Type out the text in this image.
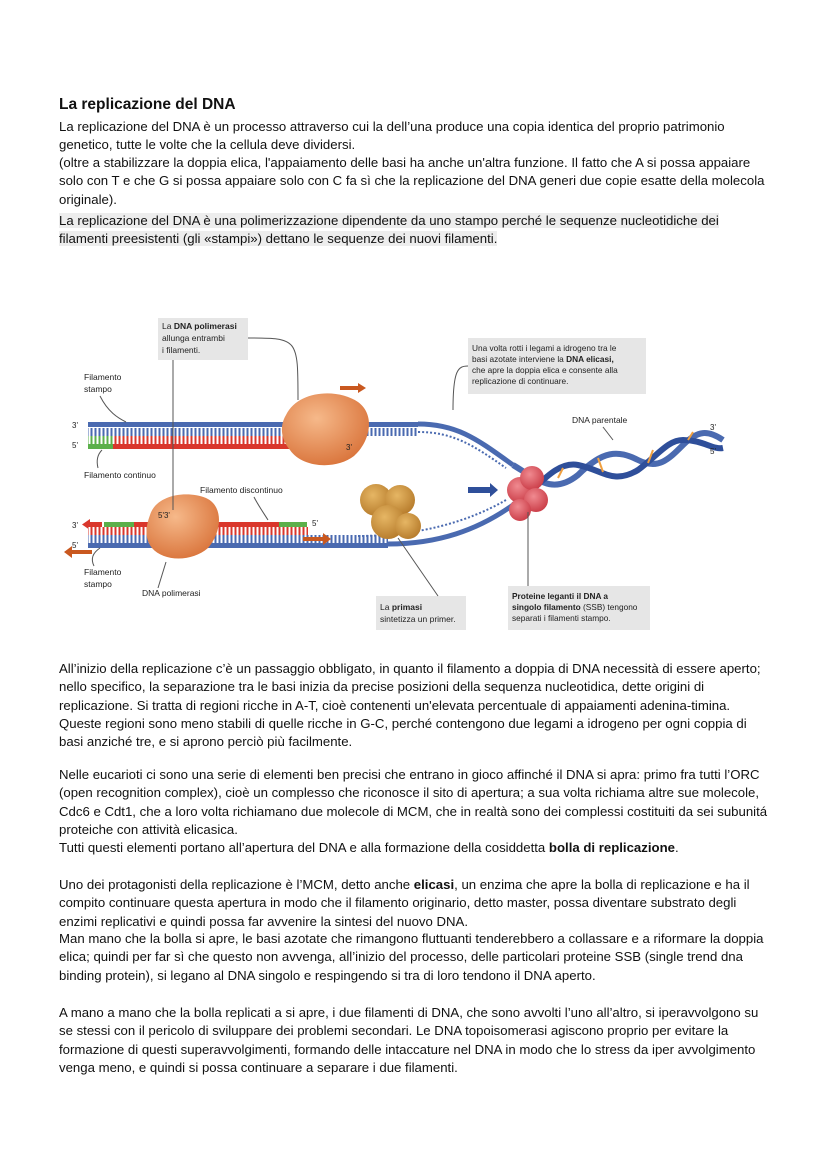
La replicazione del DNA

La replicazione del DNA è un processo attraverso cui la dell’una produce una copia identica del proprio patrimonio genetico, tutte le volte che la cellula deve dividersi.

(oltre a stabilizzare la doppia elica, l'appaiamento delle basi ha anche un'altra funzione. Il fatto che A si possa appaiare solo con T e che G si possa appaiare solo con C fa sì che la replicazione del DNA generi due copie esatte della molecola originale).

La replicazione del DNA è una polimerizzazione dipendente da uno stampo perché le sequenze nucleotidiche dei filamenti preesistenti (gli «stampi») dettano le sequenze dei nuovi filamenti.

La DNA polimerasi
allunga entrambi
i filamenti.	Una volta rotti i legami a idrogeno tra le
basi azotate interviene la DNA elicasi,
che apre la doppia elica e consente alla
replicazione di continuare.
La primasi
sintetizza un primer.
Proteine leganti il DNA a
singolo filamento (SSB) tengono
separati i filamenti stampo.
Filamento
stampo
Filamento continuo
Filamento discontinuo
Filamento
stampo
DNA polimerasi
DNA parentale
3'
5'
3'
5'
3'
5'
5'3'
3'
5'

All’inizio della replicazione c’è un passaggio obbligato, in quanto il filamento a doppia di DNA necessità di essere aperto; nello specifico, la separazione tra le basi inizia da precise posizioni della sequenza nucleotidica, dette origini di replicazione. Si tratta di regioni ricche in A-T, cioè contenenti un'elevata percentuale di appaiamenti adenina-timina. Queste regioni sono meno stabili di quelle ricche in G-C, perché contengono due legami a idrogeno per ogni coppia di basi anziché tre, e si aprono perciò più facilmente.

Nelle eucarioti ci sono una serie di elementi ben precisi che entrano in gioco affinché il DNA si apra: primo fra tutti l’ORC (open recognition complex), cioè un complesso che riconosce il sito di apertura; a sua volta richiama altre sue molecole, Cdc6 e Cdt1, che a loro volta richiamano due molecole di MCM, che in realtà sono dei complessi costituiti da sei subunitá proteiche con attività elicasica.

Tutti questi elementi portano all’apertura del DNA e alla formazione della cosiddetta bolla di replicazione.

Uno dei protagonisti della replicazione è l’MCM, detto anche elicasi, un enzima che apre la bolla di replicazione e ha il compito continuare questa apertura in modo che il filamento originario, detto master, possa diventare substrato degli enzimi replicativi e quindi possa far avvenire la sintesi del nuovo DNA.

Man mano che la bolla si apre, le basi azotate che rimangono fluttuanti tenderebbero a collassare e a riformare la doppia elica; quindi per far sì che questo non avvenga, all’inizio del processo, delle particolari proteine SSB (single trend dna binding protein), si legano al DNA singolo e respingendo si tra di loro tendono il DNA aperto.

A mano a mano che la bolla replicati a si apre, i due filamenti di DNA, che sono avvolti l’uno all’altro, si iperavvolgono su se stessi con il pericolo di sviluppare dei problemi secondari. Le DNA topoisomerasi agiscono proprio per evitare la formazione di questi superavvolgimenti, formando delle intaccature nel DNA in modo che lo stress da iper avvolgimento venga meno, e quindi si possa continuare a separare i due filamenti.
